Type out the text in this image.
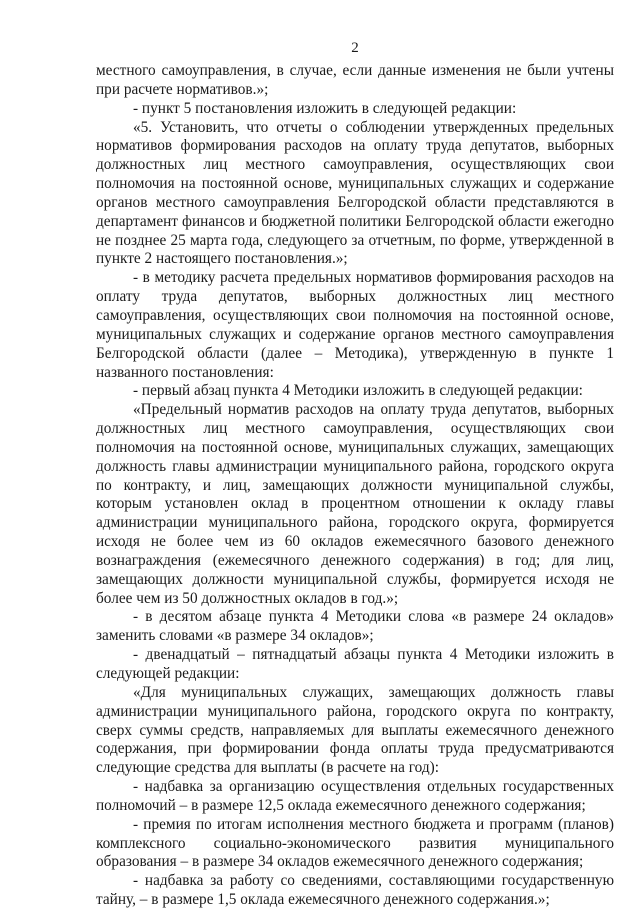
2

местного самоуправления, в случае, если данные изменения не были учтены при расчете нормативов.»;

- пункт 5 постановления изложить в следующей редакции:

«5. Установить, что отчеты о соблюдении утвержденных предельных нормативов формирования расходов на оплату труда депутатов, выборных должностных лиц местного самоуправления, осуществляющих свои полномочия на постоянной основе, муниципальных служащих и содержание органов местного самоуправления Белгородской области представляются в департамент финансов и бюджетной политики Белгородской области ежегодно не позднее 25 марта года, следующего за отчетным, по форме, утвержденной в пункте 2 настоящего постановления.»;

- в методику расчета предельных нормативов формирования расходов на оплату труда депутатов, выборных должностных лиц местного самоуправления, осуществляющих свои полномочия на постоянной основе, муниципальных служащих и содержание органов местного самоуправления Белгородской области (далее – Методика), утвержденную в пункте 1 названного постановления:

- первый абзац пункта 4 Методики изложить в следующей редакции:

«Предельный норматив расходов на оплату труда депутатов, выборных должностных лиц местного самоуправления, осуществляющих свои полномочия на постоянной основе, муниципальных служащих, замещающих должность главы администрации муниципального района, городского округа по контракту, и лиц, замещающих должности муниципальной службы, которым установлен оклад в процентном отношении к окладу главы администрации муниципального района, городского округа, формируется исходя не более чем из 60 окладов ежемесячного базового денежного вознаграждения (ежемесячного денежного содержания) в год; для лиц, замещающих должности муниципальной службы, формируется исходя не более чем из 50 должностных окладов в год.»;

- в десятом абзаце пункта 4 Методики слова «в размере 24 окладов» заменить словами «в размере 34 окладов»;

- двенадцатый – пятнадцатый абзацы пункта 4 Методики изложить в следующей редакции:

«Для муниципальных служащих, замещающих должность главы администрации муниципального района, городского округа по контракту, сверх суммы средств, направляемых для выплаты ежемесячного денежного содержания, при формировании фонда оплаты труда предусматриваются следующие средства для выплаты (в расчете на год):

- надбавка за организацию осуществления отдельных государственных полномочий – в размере 12,5 оклада ежемесячного денежного содержания;

- премия по итогам исполнения местного бюджета и программ (планов) комплексного социально-экономического развития муниципального образования – в размере 34 окладов ежемесячного денежного содержания;

- надбавка за работу со сведениями, составляющими государственную тайну, – в размере 1,5 оклада ежемесячного денежного содержания.»;
